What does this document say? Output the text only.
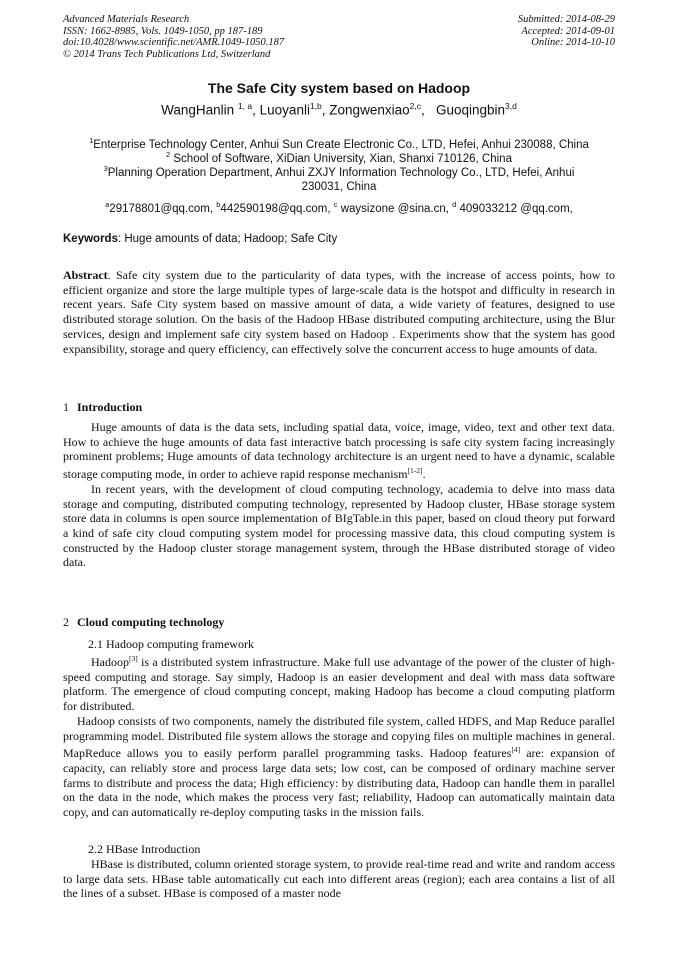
Advanced Materials Research
ISSN: 1662-8985, Vols. 1049-1050, pp 187-189
doi:10.4028/www.scientific.net/AMR.1049-1050.187
© 2014 Trans Tech Publications Ltd, Switzerland
Submitted: 2014-08-29
Accepted: 2014-09-01
Online: 2014-10-10
The Safe City system based on Hadoop
WangHanlin $^{1, a}$, Luoyanli$^{1,b}$, Zongwenxiao$^{2,c}$,   Guoqingbin$^{3,d}$
$^1$Enterprise Technology Center, Anhui Sun Create Electronic Co., LTD, Hefei, Anhui 230088, China
$^2$ School of Software, XiDian University, Xian, Shanxi 710126, China
$^3$Planning Operation Department, Anhui ZXJY Information Technology Co., LTD, Hefei, Anhui
230031, China
$^a$29178801@qq.com, $^b$442590198@qq.com, $^c$ waysizone @sina.cn, $^d$ 409033212 @qq.com,
Keywords: Huge amounts of data; Hadoop; Safe City

Abstract. Safe city system due to the particularity of data types, with the increase of access points, how to efficient organize and store the large multiple types of large-scale data is the hotspot and difficulty in research in recent years. Safe City system based on massive amount of data, a wide variety of features, designed to use distributed storage solution. On the basis of the Hadoop HBase distributed computing architecture, using the Blur services, design and implement safe city system based on Hadoop . Experiments show that the system has good expansibility, storage and query efficiency, can effectively solve the concurrent access to huge amounts of data.

1 Introduction

Huge amounts of data is the data sets, including spatial data, voice, image, video, text and other text data. How to achieve the huge amounts of data fast interactive batch processing is safe city system facing increasingly prominent problems; Huge amounts of data technology architecture is an urgent need to have a dynamic, scalable storage computing mode, in order to achieve rapid response mechanism[1-2].

In recent years, with the development of cloud computing technology, academia to delve into mass data storage and computing, distributed computing technology, represented by Hadoop cluster, HBase storage system store data in columns is open source implementation of BIgTable.in this paper, based on cloud theory put forward a kind of safe city cloud computing system model for processing massive data, this cloud computing system is constructed by the Hadoop cluster storage management system, through the HBase distributed storage of video data.

2 Cloud computing technology
2.1 Hadoop computing framework

Hadoop[3] is a distributed system infrastructure. Make full use advantage of the power of the cluster of high-speed computing and storage. Say simply, Hadoop is an easier development and deal with mass data software platform. The emergence of cloud computing concept, making Hadoop has become a cloud computing platform for distributed.

Hadoop consists of two components, namely the distributed file system, called HDFS, and Map Reduce parallel programming model. Distributed file system allows the storage and copying files on multiple machines in general. MapReduce allows you to easily perform parallel programming tasks. Hadoop features[4] are: expansion of capacity, can reliably store and process large data sets; low cost, can be composed of ordinary machine server farms to distribute and process the data; High efficiency: by distributing data, Hadoop can handle them in parallel on the data in the node, which makes the process very fast; reliability, Hadoop can automatically maintain data copy, and can automatically re-deploy computing tasks in the mission fails.

2.2 HBase Introduction

HBase is distributed, column oriented storage system, to provide real-time read and write and random access to large data sets. HBase table automatically cut each into different areas (region); each area contains a list of all the lines of a subset. HBase is composed of a master node
